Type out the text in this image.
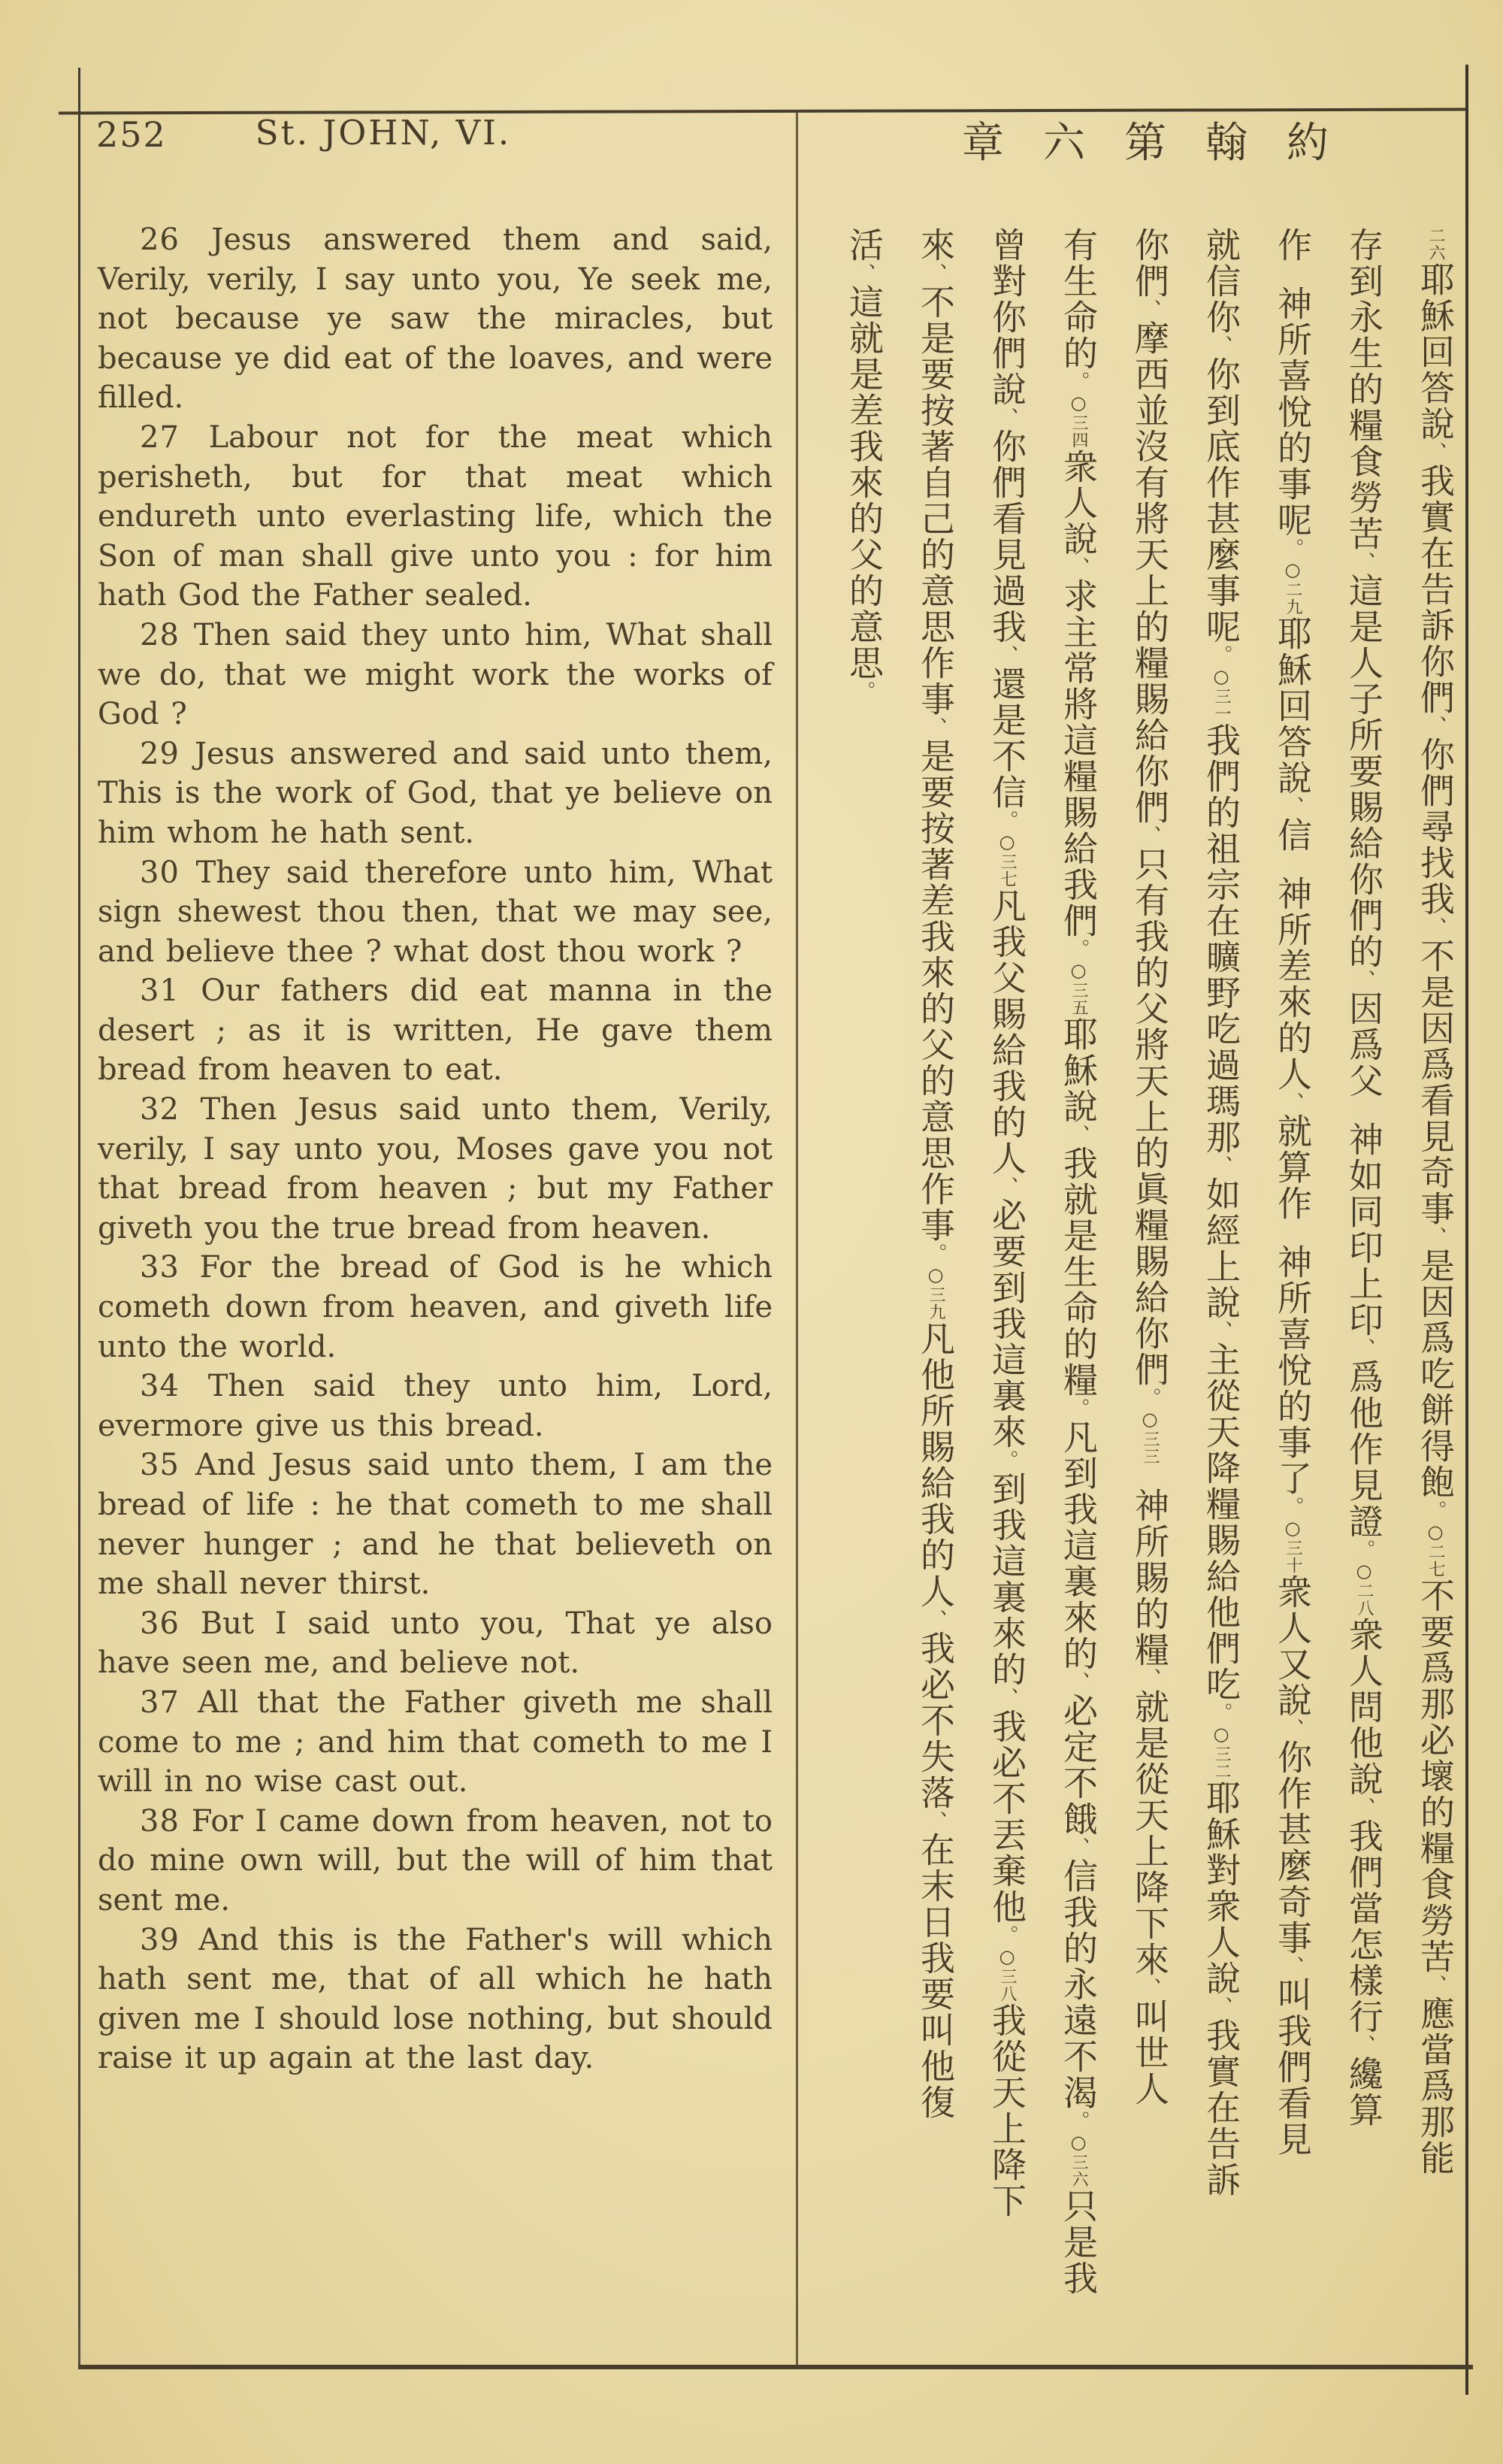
252	St. JOHN, VI.	章六第翰約

26 Jesus answered them and said, Verily, verily, I say unto you, Ye seek me, not because ye saw the miracles, but because ye did eat of the loaves, and were filled.

27 Labour not for the meat which perisheth, but for that meat which endureth unto everlasting life, which the Son of man shall give unto you : for him hath God the Father sealed.

28 Then said they unto him, What shall we do, that we might work the works of God ?

29 Jesus answered and said unto them, This is the work of God, that ye believe on him whom he hath sent.

30 They said therefore unto him, What sign shewest thou then, that we may see, and believe thee ? what dost thou work ?

31 Our fathers did eat manna in the desert ; as it is written, He gave them bread from heaven to eat.

32 Then Jesus said unto them, Verily, verily, I say unto you, Moses gave you not that bread from heaven ; but my Father giveth you the true bread from heaven.

33 For the bread of God is he which cometh down from heaven, and giveth life unto the world.

34 Then said they unto him, Lord, evermore give us this bread.

35 And Jesus said unto them, I am the bread of life : he that cometh to me shall never hunger ; and he that believeth on me shall never thirst.

36 But I said unto you, That ye also have seen me, and believe not.

37 All that the Father giveth me shall come to me ; and him that cometh to me I will in no wise cast out.

38 For I came down from heaven, not to do mine own will, but the will of him that sent me.

39 And this is the Father's will which hath sent me, that of all which he hath given me I should lose nothing, but should raise it up again at the last day.

二六耶穌回答說、我實在告訴你們、你們尋找我、不是因爲看見奇事、是因爲吃餅得飽。○二七不要爲那必壞的糧食勞苦、應當爲那能
存到永生的糧食勞苦、這是人子所要賜給你們的、因爲父神如同印上印、爲他作見證。○二八衆人問他說、我們當怎樣行、纔算
作神所喜悅的事呢。○二九耶穌回答說、信神所差來的人、就算作神所喜悅的事了。○三十衆人又說、你作甚麼奇事、叫我們看見
就信你、你到底作甚麼事呢。○三一我們的祖宗在曠野吃過瑪那、如經上說、主從天降糧賜給他們吃。○三二耶穌對衆人說、我實在告訴
你們、摩西並沒有將天上的糧賜給你們、只有我的父將天上的眞糧賜給你們。○三三神所賜的糧、就是從天上降下來、叫世人
有生命的。○三四衆人說、求主常將這糧賜給我們。○三五耶穌說、我就是生命的糧。凡到我這裏來的、必定不餓、信我的永遠不渴。○三六只是我
曾對你們說、你們看見過我、還是不信。○三七凡我父賜給我的人、必要到我這裏來。到我這裏來的、我必不丟棄他。○三八我從天上降下
來、不是要按著自己的意思作事、是要按著差我來的父的意思作事。○三九凡他所賜給我的人、我必不失落、在末日我要叫他復
活、這就是差我來的父的意思。
